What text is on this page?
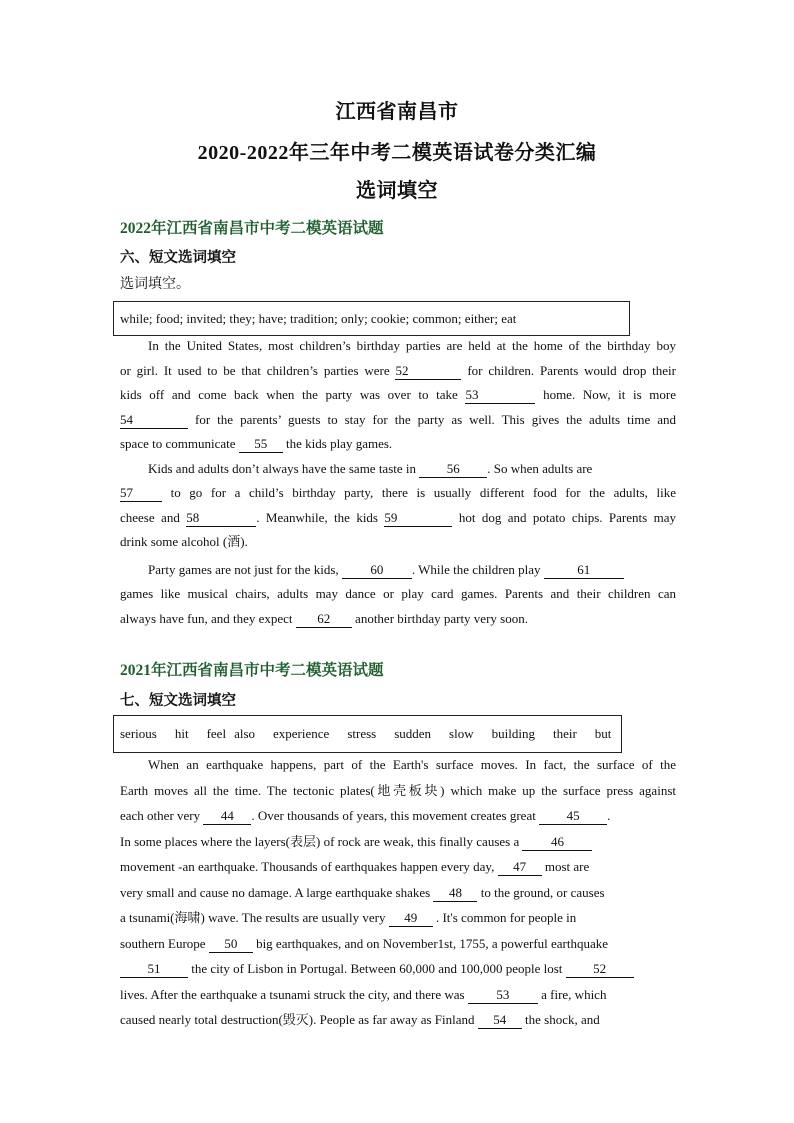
江西省南昌市
2020-2022年三年中考二模英语试卷分类汇编
选词填空
2022年江西省南昌市中考二模英语试题
六、短文选词填空
选词填空。
while; food; invited; they; have; tradition; only; cookie; common; either; eat
In the United States, most children’s birthday parties are held at the home of the birthday boy
or girl. It used to be that children’s parties were 52	for children. Parents would drop their
kids off and come back when the party was over to take 53	home. Now, it is more
54	for the parents’ guests to stay for the party as well. This gives the adults time and
space to communicate 55 the kids play games.
Kids and adults don’t always have the same taste in 56 . So when adults are
57 to go for a child’s birthday party, there is usually different food for the adults, like
cheese and 58	. Meanwhile, the kids 59	hot dog and potato chips. Parents may
drink some alcohol (酒).
Party games are not just for the kids, 60 . While the children play	61
games like musical chairs, adults may dance or play card games. Parents and their children can
always have fun, and they expect 62 another birthday party very soon.
2021年江西省南昌市中考二模英语试题
七、短文选词填空
serious hit feel also experience stress sudden slow building their but
When an earthquake happens, part of the Earth's surface moves. In fact, the surface of the
Earth moves all the time. The tectonic plates(地壳板块) which make up the surface press against
each other very 44 . Over thousands of years, this movement creates great 45 .
In some places where the layers(表层) of rock are weak, this finally causes a 46
movement -an earthquake. Thousands of earthquakes happen every day, 47 most are
very small and cause no damage. A large earthquake shakes 48 to the ground, or causes
a tsunami(海啸) wave. The results are usually very 49 . It's common for people in
southern Europe 50 big earthquakes, and on November1st, 1755, a powerful earthquake
51 the city of Lisbon in Portugal. Between 60,000 and 100,000 people lost 52
lives. After the earthquake a tsunami struck the city, and there was 53 a fire, which
caused nearly total destruction(毁灭). People as far away as Finland 54 the shock, and
